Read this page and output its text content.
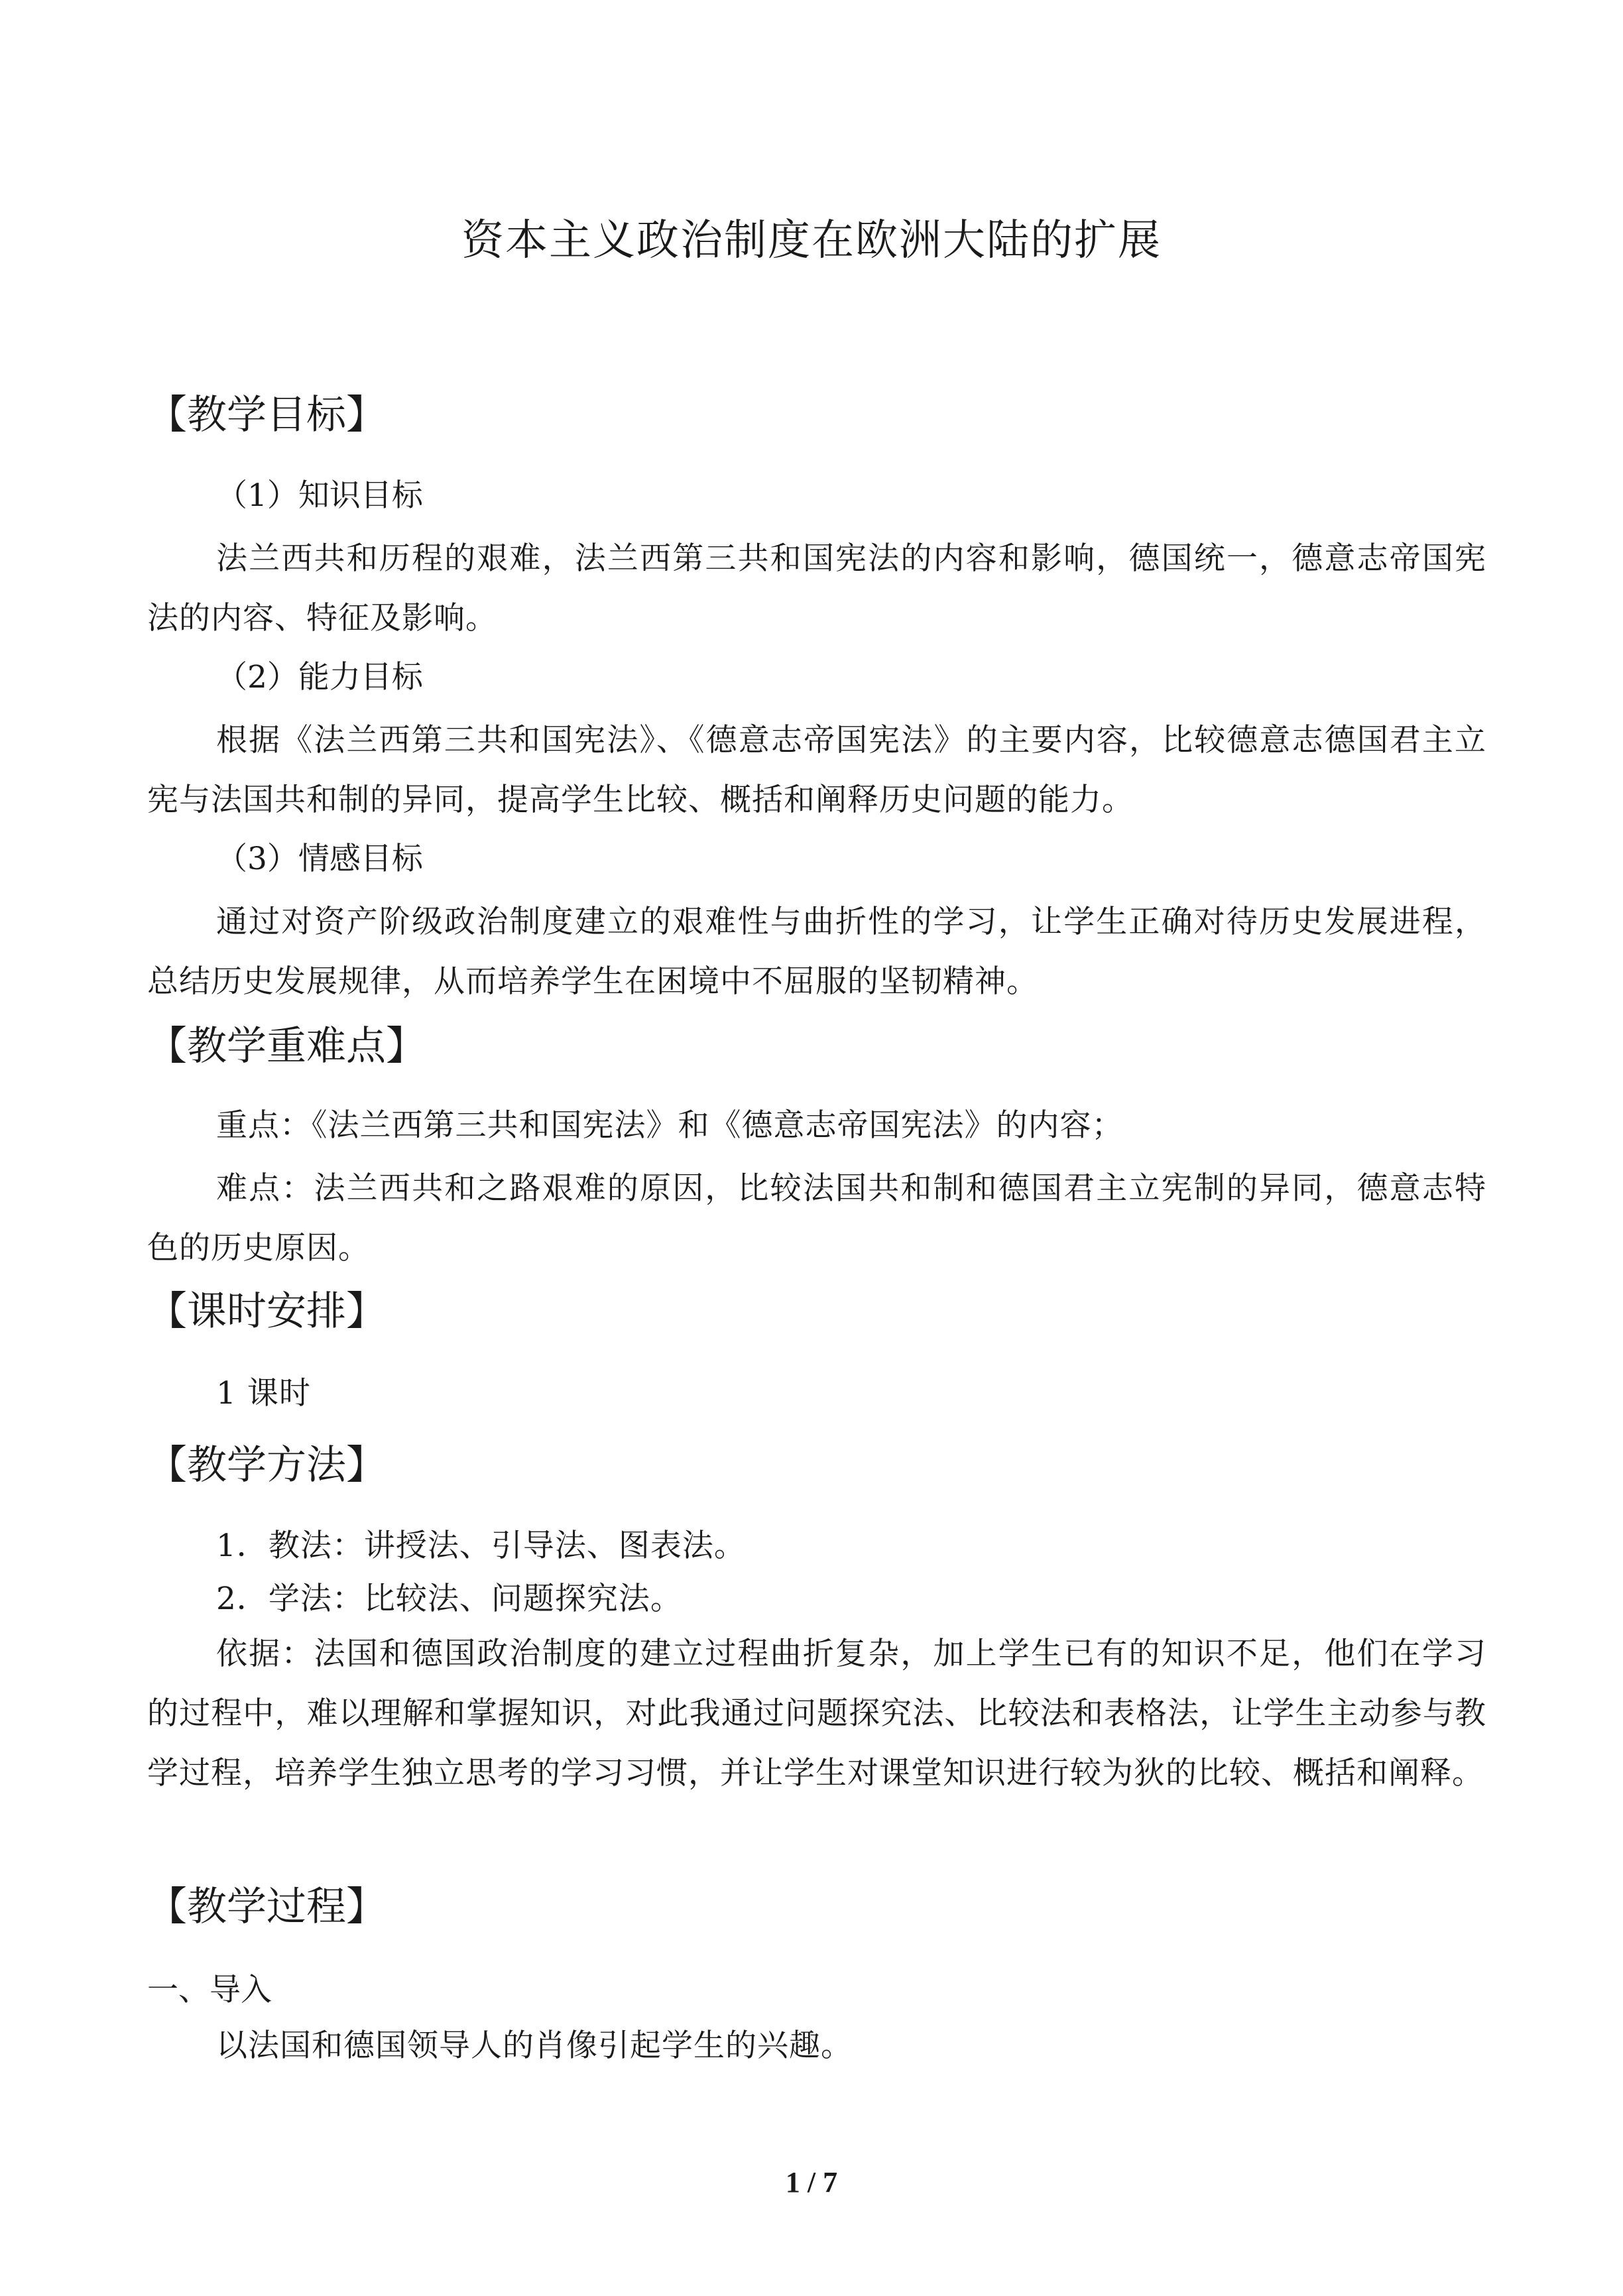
资本主义政治制度在欧洲大陆的扩展
【教学目标】
（1）知识目标
法兰西共和历程的艰难，法兰西第三共和国宪法的内容和影响，德国统一，德意志帝国宪法的内容、特征及影响。
（2）能力目标
根据《法兰西第三共和国宪法》、《德意志帝国宪法》的主要内容，比较德意志德国君主立宪与法国共和制的异同，提高学生比较、概括和阐释历史问题的能力。
（3）情感目标
通过对资产阶级政治制度建立的艰难性与曲折性的学习，让学生正确对待历史发展进程，总结历史发展规律，从而培养学生在困境中不屈服的坚韧精神。
【教学重难点】
重点：《法兰西第三共和国宪法》和《德意志帝国宪法》的内容；
难点：法兰西共和之路艰难的原因，比较法国共和制和德国君主立宪制的异同，德意志特色的历史原因。
【课时安排】
1 课时
【教学方法】
1．教法：讲授法、引导法、图表法。
2．学法：比较法、问题探究法。
依据：法国和德国政治制度的建立过程曲折复杂，加上学生已有的知识不足，他们在学习的过程中，难以理解和掌握知识，对此我通过问题探究法、比较法和表格法，让学生主动参与教学过程，培养学生独立思考的学习习惯，并让学生对课堂知识进行较为狄的比较、概括和阐释。
【教学过程】
一、导入
以法国和德国领导人的肖像引起学生的兴趣。
1 / 7
